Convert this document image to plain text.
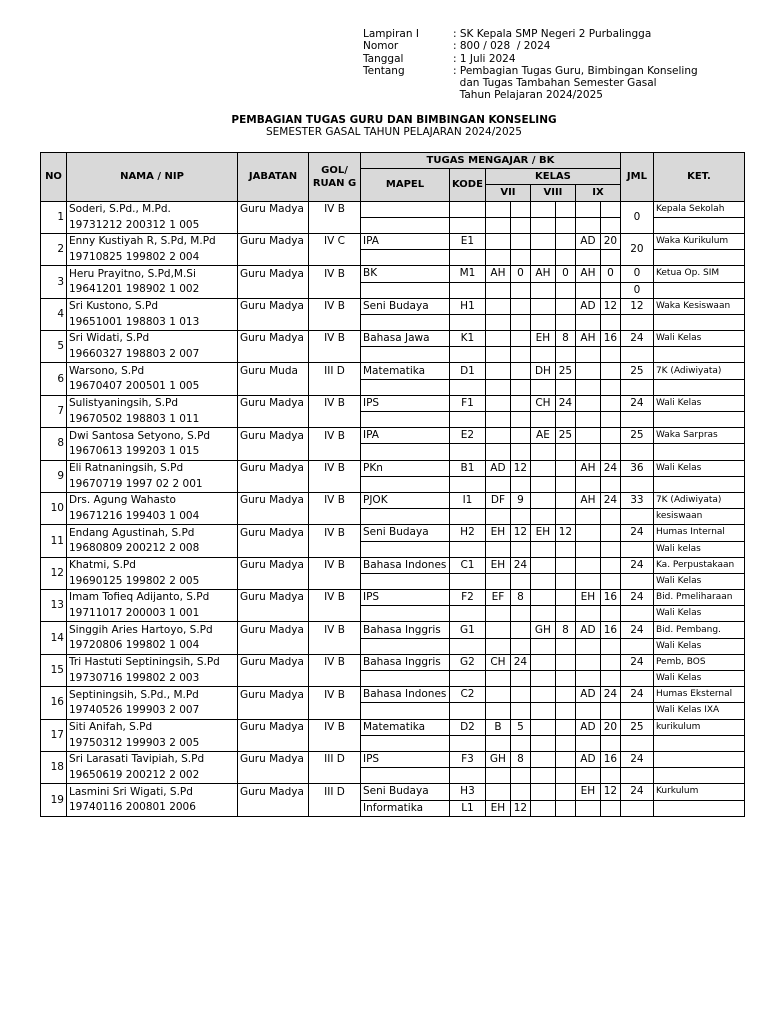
Lampiran I	: SK Kepala SMP Negeri 2 Purbalingga
Nomor	: 800 / 028  / 2024
Tanggal	: 1 Juli 2024
Tentang	: Pembagian Tugas Guru, Bimbingan Konseling
dan Tugas Tambahan Semester Gasal
Tahun Pelajaran 2024/2025
PEMBAGIAN TUGAS GURU DAN BIMBINGAN KONSELING
SEMESTER GASAL TAHUN PELAJARAN 2024/2025
NO	NAMA / NIP	JABATAN	GOL/ RUAN G	TUGAS MENGAJAR / BK								JML	KET.
				MAPEL	KODE	KELAS							
						VII		VIII		IX			
1	Soderi, S.Pd., M.Pd.	Guru Madya	IV B									0	Kepala Sekolah
	19731212 200312 1 005												
2	Enny Kustiyah R, S.Pd, M.Pd	Guru Madya	IV C	IPA	E1					AD	20	20	Waka Kurikulum
	19710825 199802 2 004												
3	Heru Prayitno, S.Pd,M.Si	Guru Madya	IV B	BK	M1	AH	0	AH	0	AH	0	0	Ketua Op. SIM
	19641201 198902 1 002											0	
4	Sri Kustono, S.Pd	Guru Madya	IV B	Seni Budaya	H1					AD	12	12	Waka Kesiswaan
	19651001 198803 1 013												
5	Sri Widati, S.Pd	Guru Madya	IV B	Bahasa Jawa	K1			EH	8	AH	16	24	Wali Kelas
	19660327 198803 2 007												
6	Warsono, S.Pd	Guru Muda	III D	Matematika	D1			DH	25			25	7K (Adiwiyata)
	19670407 200501 1 005												
7	Sulistyaningsih, S.Pd	Guru Madya	IV B	IPS	F1			CH	24			24	Wali Kelas
	19670502 198803 1 011												
8	Dwi Santosa Setyono, S.Pd	Guru Madya	IV B	IPA	E2			AE	25			25	Waka Sarpras
	19670613 199203 1 015												
9	Eli Ratnaningsih, S.Pd	Guru Madya	IV B	PKn	B1	AD	12			AH	24	36	Wali Kelas
	19670719 1997 02 2 001												
10	Drs. Agung Wahasto	Guru Madya	IV B	PJOK	I1	DF	9			AH	24	33	7K (Adiwiyata)
	19671216 199403 1 004												kesiswaan
11	Endang Agustinah, S.Pd	Guru Madya	IV B	Seni Budaya	H2	EH	12	EH	12			24	Humas Internal
	19680809 200212 2 008												Wali kelas
12	Khatmi, S.Pd	Guru Madya	IV B	Bahasa Indones	C1	EH	24					24	Ka. Perpustakaan
	19690125 199802 2 005												Wali Kelas
13	Imam Tofieq Adijanto, S.Pd	Guru Madya	IV B	IPS	F2	EF	8			EH	16	24	Bid. Pmeliharaan
	19711017 200003 1 001												Wali Kelas
14	Singgih Aries Hartoyo, S.Pd	Guru Madya	IV B	Bahasa Inggris	G1			GH	8	AD	16	24	Bid. Pembang.
	19720806 199802 1 004												Wali Kelas
15	Tri Hastuti Septiningsih, S.Pd	Guru Madya	IV B	Bahasa Inggris	G2	CH	24					24	Pemb, BOS
	19730716 199802 2 003												Wali Kelas
16	Septiningsih, S.Pd., M.Pd	Guru Madya	IV B	Bahasa Indones	C2					AD	24	24	Humas Eksternal
	19740526 199903 2 007												Wali Kelas IXA
17	Siti Anifah, S.Pd	Guru Madya	IV B	Matematika	D2	B	5			AD	20	25	kurikulum
	19750312 199903 2 005												
18	Sri Larasati Tavipiah, S.Pd	Guru Madya	III D	IPS	F3	GH	8			AD	16	24	
	19650619 200212 2 002												
19	Lasmini Sri Wigati, S.Pd	Guru Madya	III D	Seni Budaya	H3					EH	12	24	Kurkulum
	19740116 200801 2006			Informatika	L1	EH	12						
